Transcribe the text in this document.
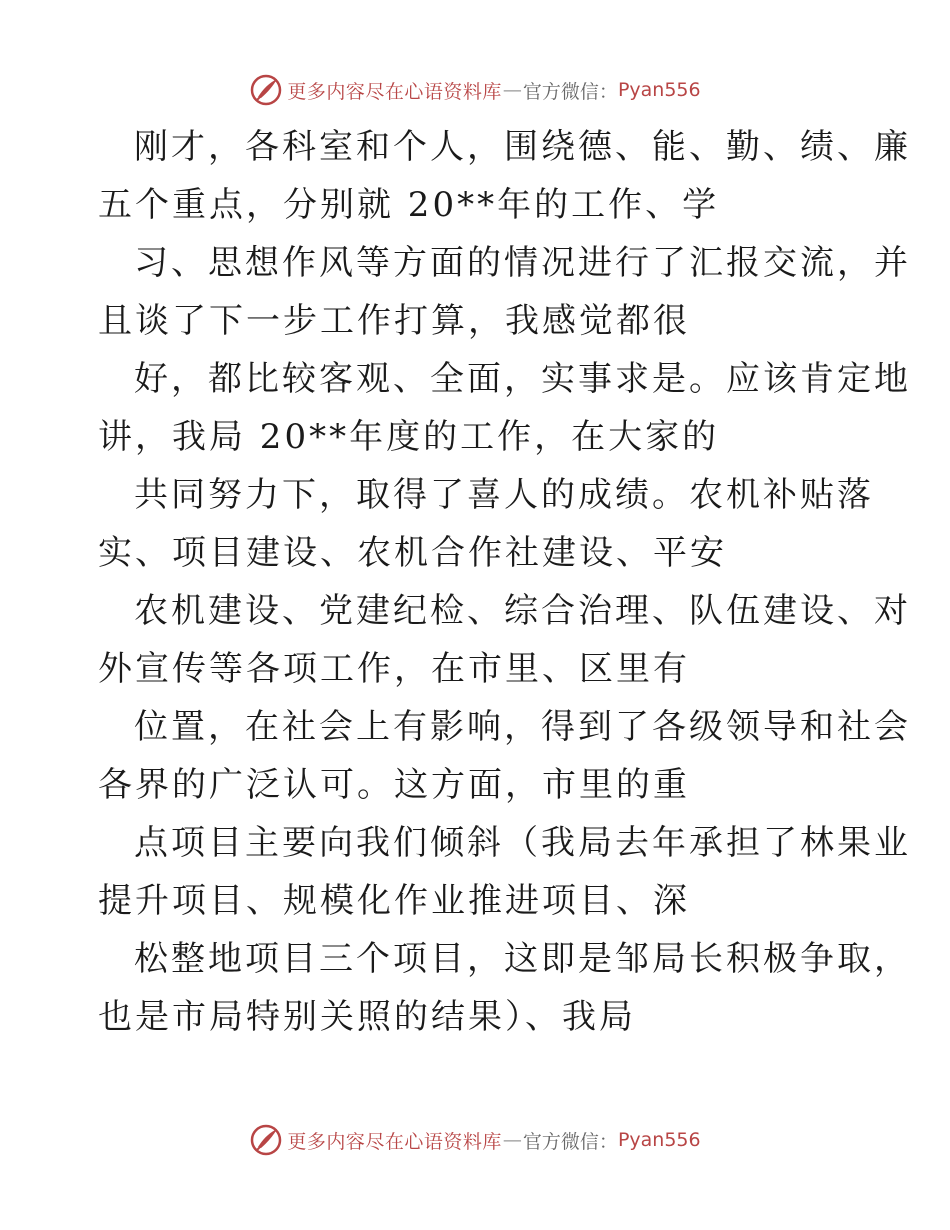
更多内容尽在心语资料库 — 官方微信： Pyan556
刚才，各科室和个人，围绕德、能、勤、绩、廉
五个重点，分别就 20**年的工作、学
习、思想作风等方面的情况进行了汇报交流，并
且谈了下一步工作打算，我感觉都很
好，都比较客观、全面，实事求是。应该肯定地
讲，我局 20**年度的工作，在大家的
共同努力下，取得了喜人的成绩。农机补贴落
实、项目建设、农机合作社建设、平安
农机建设、党建纪检、综合治理、队伍建设、对
外宣传等各项工作，在市里、区里有
位置，在社会上有影响，得到了各级领导和社会
各界的广泛认可。这方面，市里的重
点项目主要向我们倾斜（我局去年承担了林果业
提升项目、规模化作业推进项目、深
松整地项目三个项目，这即是邹局长积极争取，
也是市局特别关照的结果）、我局
更多内容尽在心语资料库 — 官方微信： Pyan556
